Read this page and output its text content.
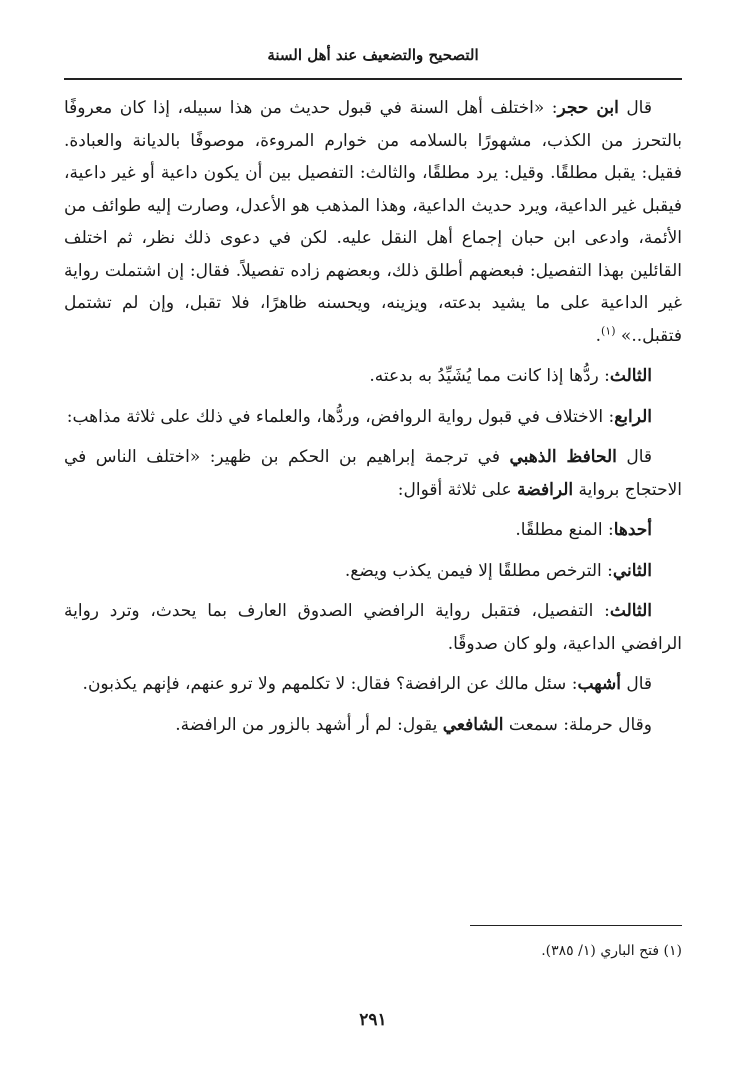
التصحيح والتضعيف عند أهل السنة

قال ابن حجر: «اختلف أهل السنة في قبول حديث من هذا سبيله، إذا كان معروفًا بالتحرز من الكذب، مشهورًا بالسلامه من خوارم المروءة، موصوفًا بالديانة والعبادة. فقيل: يقبل مطلقًا. وقيل: يرد مطلقًا، والثالث: التفصيل بين أن يكون داعية أو غير داعية، فيقبل غير الداعية، ويرد حديث الداعية، وهذا المذهب هو الأعدل، وصارت إليه طوائف من الأئمة، وادعى ابن حبان إجماع أهل النقل عليه. لكن في دعوى ذلك نظر، ثم اختلف القائلين بهذا التفصيل: فبعضهم أطلق ذلك، وبعضهم زاده تفصيلاً. فقال: إن اشتملت رواية غير الداعية على ما يشيد بدعته، ويزينه، ويحسنه ظاهرًا، فلا تقبل، وإن لم تشتمل فتقبل..» $^{(١)}$.

الثالث: ردُّها إذا كانت مما يُشَيِّدُ به بدعته.

الرابع: الاختلاف في قبول رواية الروافض، وردُّها، والعلماء في ذلك على ثلاثة مذاهب:

قال الحافظ الذهبي في ترجمة إبراهيم بن الحكم بن ظهير: «اختلف الناس في الاحتجاج برواية الرافضة على ثلاثة أقوال:

أحدها: المنع مطلقًا.

الثاني: الترخص مطلقًا إلا فيمن يكذب ويضع.

الثالث: التفصيل، فتقبل رواية الرافضي الصدوق العارف بما يحدث، وترد رواية الرافضي الداعية، ولو كان صدوقًا.

قال أشهب: سئل مالك عن الرافضة؟ فقال: لا تكلمهم ولا ترو عنهم، فإنهم يكذبون.

وقال حرملة: سمعت الشافعي يقول: لم أر أشهد بالزور من الرافضة.

(١) فتح الباري (١/ ٣٨٥).
٢٩١
